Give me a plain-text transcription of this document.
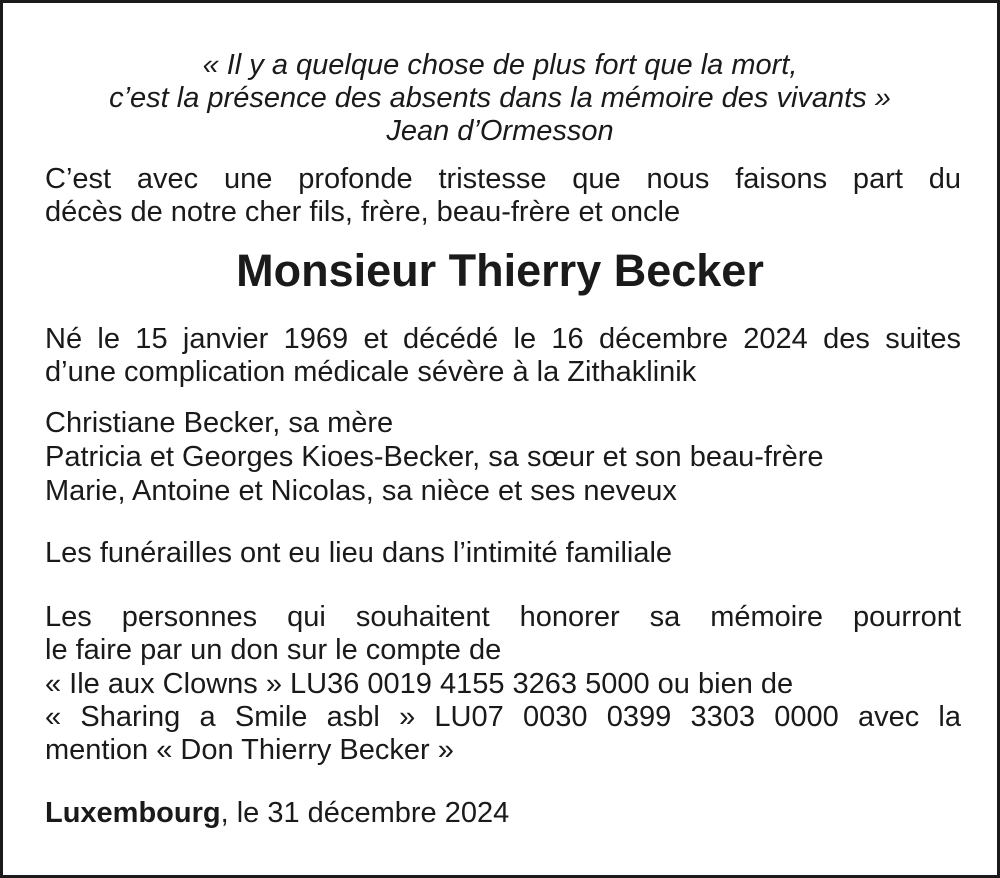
« Il y a quelque chose de plus fort que la mort,
c’est la présence des absents dans la mémoire des vivants »
Jean d’Ormesson
C’est avec une profonde tristesse que nous faisons part du
décès de notre cher fils, frère, beau-frère et oncle
Monsieur Thierry Becker
Né le 15 janvier 1969 et décédé le 16 décembre 2024 des suites
d’une complication médicale sévère à la Zithaklinik
Christiane Becker, sa mère
Patricia et Georges Kioes-Becker, sa sœur et son beau-frère
Marie, Antoine et Nicolas, sa nièce et ses neveux
Les funérailles ont eu lieu dans l’intimité familiale
Les personnes qui souhaitent honorer sa mémoire pourront
le faire par un don sur le compte de
« Ile aux Clowns » LU36 0019 4155 3263 5000 ou bien de
« Sharing a Smile asbl » LU07 0030 0399 3303 0000 avec la
mention « Don Thierry Becker »
Luxembourg, le 31 décembre 2024
